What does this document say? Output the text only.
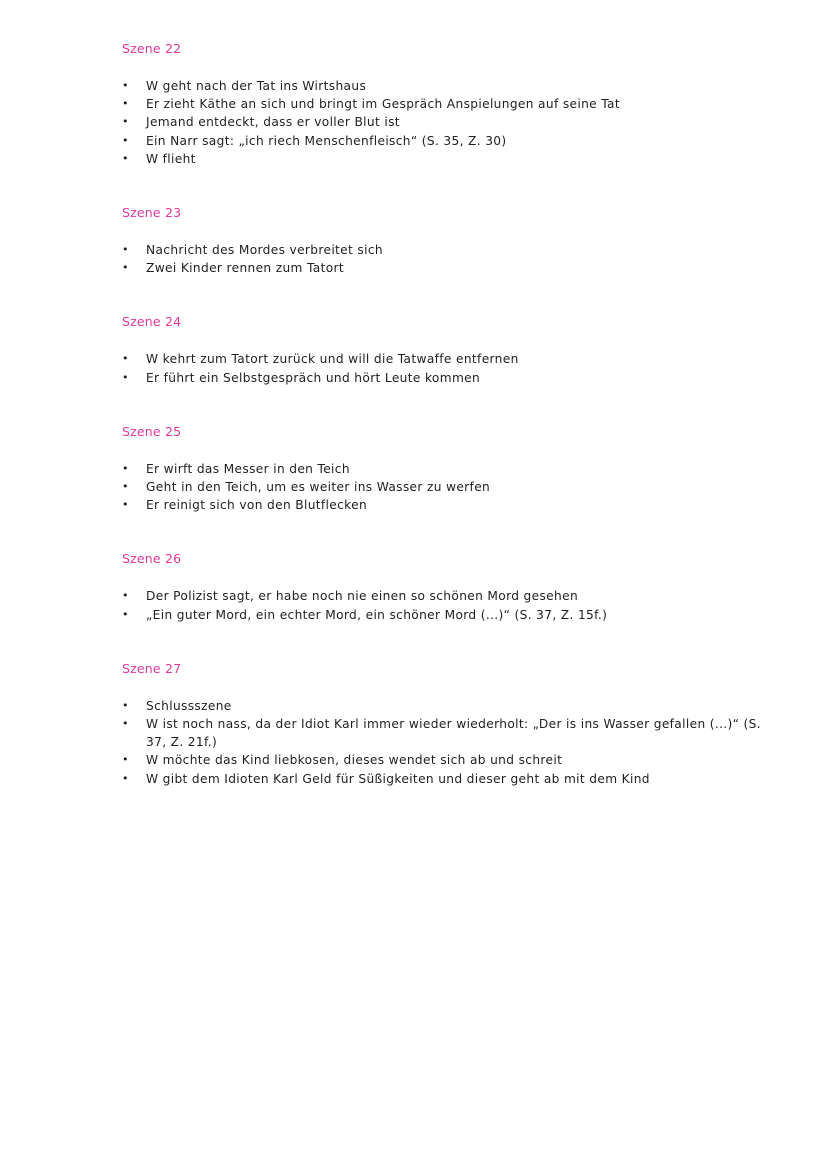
Szene 22
• W geht nach der Tat ins Wirtshaus
• Er zieht Käthe an sich und bringt im Gespräch Anspielungen auf seine Tat
• Jemand entdeckt, dass er voller Blut ist
• Ein Narr sagt: „ich riech Menschenfleisch“ (S. 35, Z. 30)
• W flieht
Szene 23
• Nachricht des Mordes verbreitet sich
• Zwei Kinder rennen zum Tatort
Szene 24
• W kehrt zum Tatort zurück und will die Tatwaffe entfernen
• Er führt ein Selbstgespräch und hört Leute kommen
Szene 25
• Er wirft das Messer in den Teich
• Geht in den Teich, um es weiter ins Wasser zu werfen
• Er reinigt sich von den Blutflecken
Szene 26
• Der Polizist sagt, er habe noch nie einen so schönen Mord gesehen
• „Ein guter Mord, ein echter Mord, ein schöner Mord (...)“ (S. 37, Z. 15f.)
Szene 27
• Schlussszene
• W ist noch nass, da der Idiot Karl immer wieder wiederholt: „Der is ins Wasser gefallen (...)“ (S. 37, Z. 21f.)
• W möchte das Kind liebkosen, dieses wendet sich ab und schreit
• W gibt dem Idioten Karl Geld für Süßigkeiten und dieser geht ab mit dem Kind
